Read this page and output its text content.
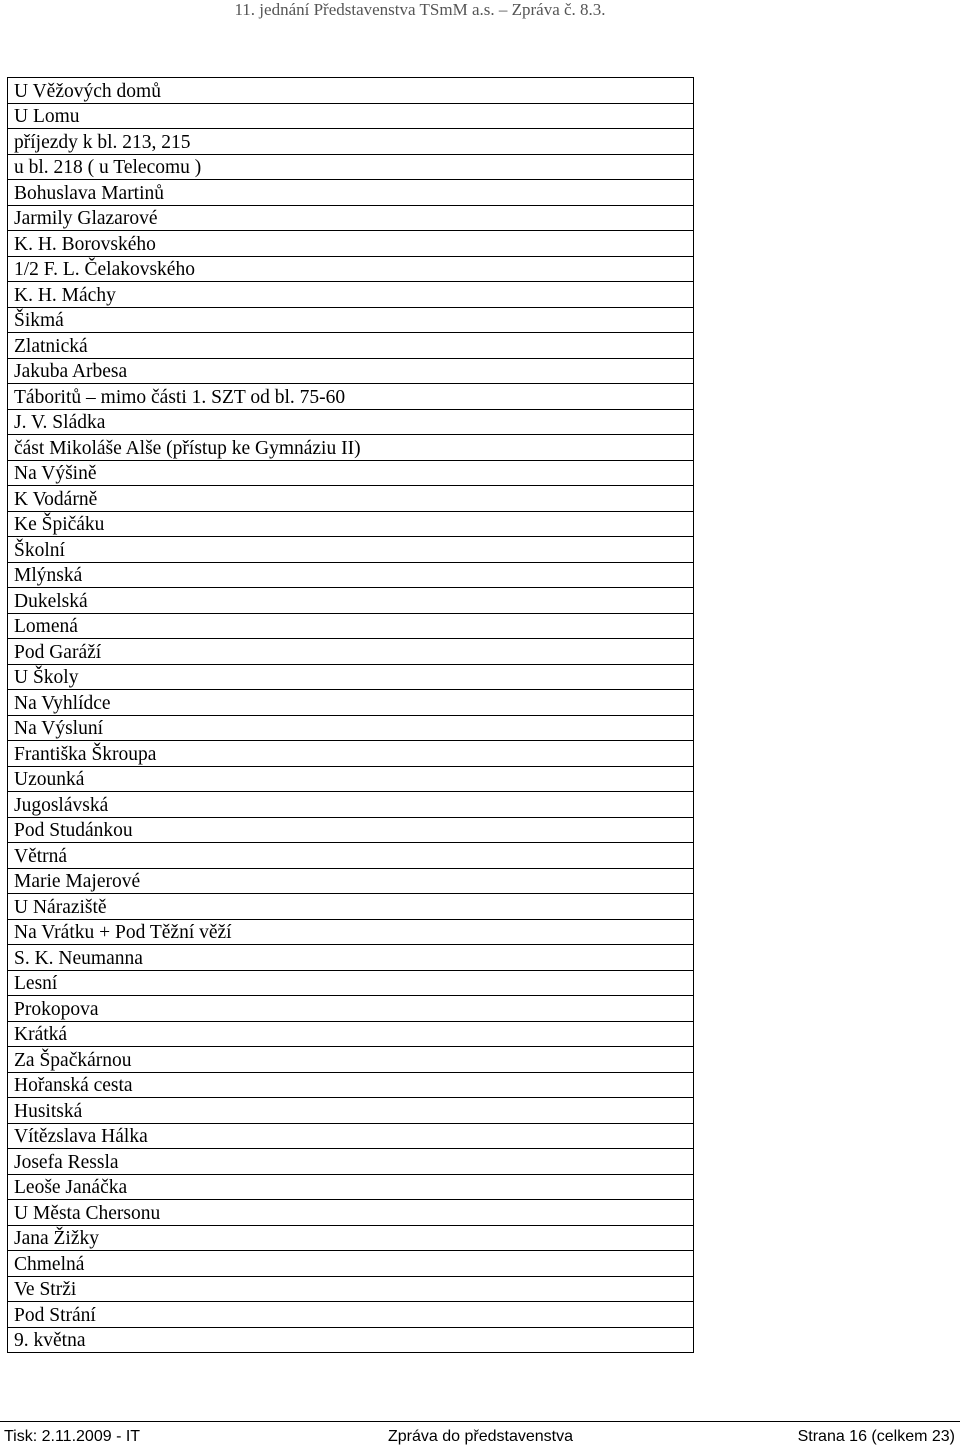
11. jednání Představenstva TSmM a.s. – Zpráva č. 8.3.
U Věžových domů
U Lomu
příjezdy k bl. 213, 215
u bl. 218 ( u Telecomu )
Bohuslava Martinů
Jarmily Glazarové
K. H. Borovského
1/2 F. L. Čelakovského
K. H. Máchy
Šikmá
Zlatnická
Jakuba Arbesa
Táboritů – mimo části 1. SZT od bl. 75-60
J. V. Sládka
část Mikoláše Alše (přístup ke Gymnáziu II)
Na Výšině
K Vodárně
Ke Špičáku
Školní
Mlýnská
Dukelská
Lomená
Pod Garáží
U Školy
Na Vyhlídce
Na Výsluní
Františka Škroupa
Uzounká
Jugoslávská
Pod Studánkou
Větrná
Marie Majerové
U Náraziště
Na Vrátku + Pod Těžní věží
S. K. Neumanna
Lesní
Prokopova
Krátká
Za Špačkárnou
Hořanská cesta
Husitská
Vítězslava Hálka
Josefa Ressla
Leoše Janáčka
U Města Chersonu
Jana Žižky
Chmelná
Ve Strži
Pod Strání
9. května
Tisk: 2.11.2009 - IT	Zpráva do představenstva	Strana 16 (celkem 23)
